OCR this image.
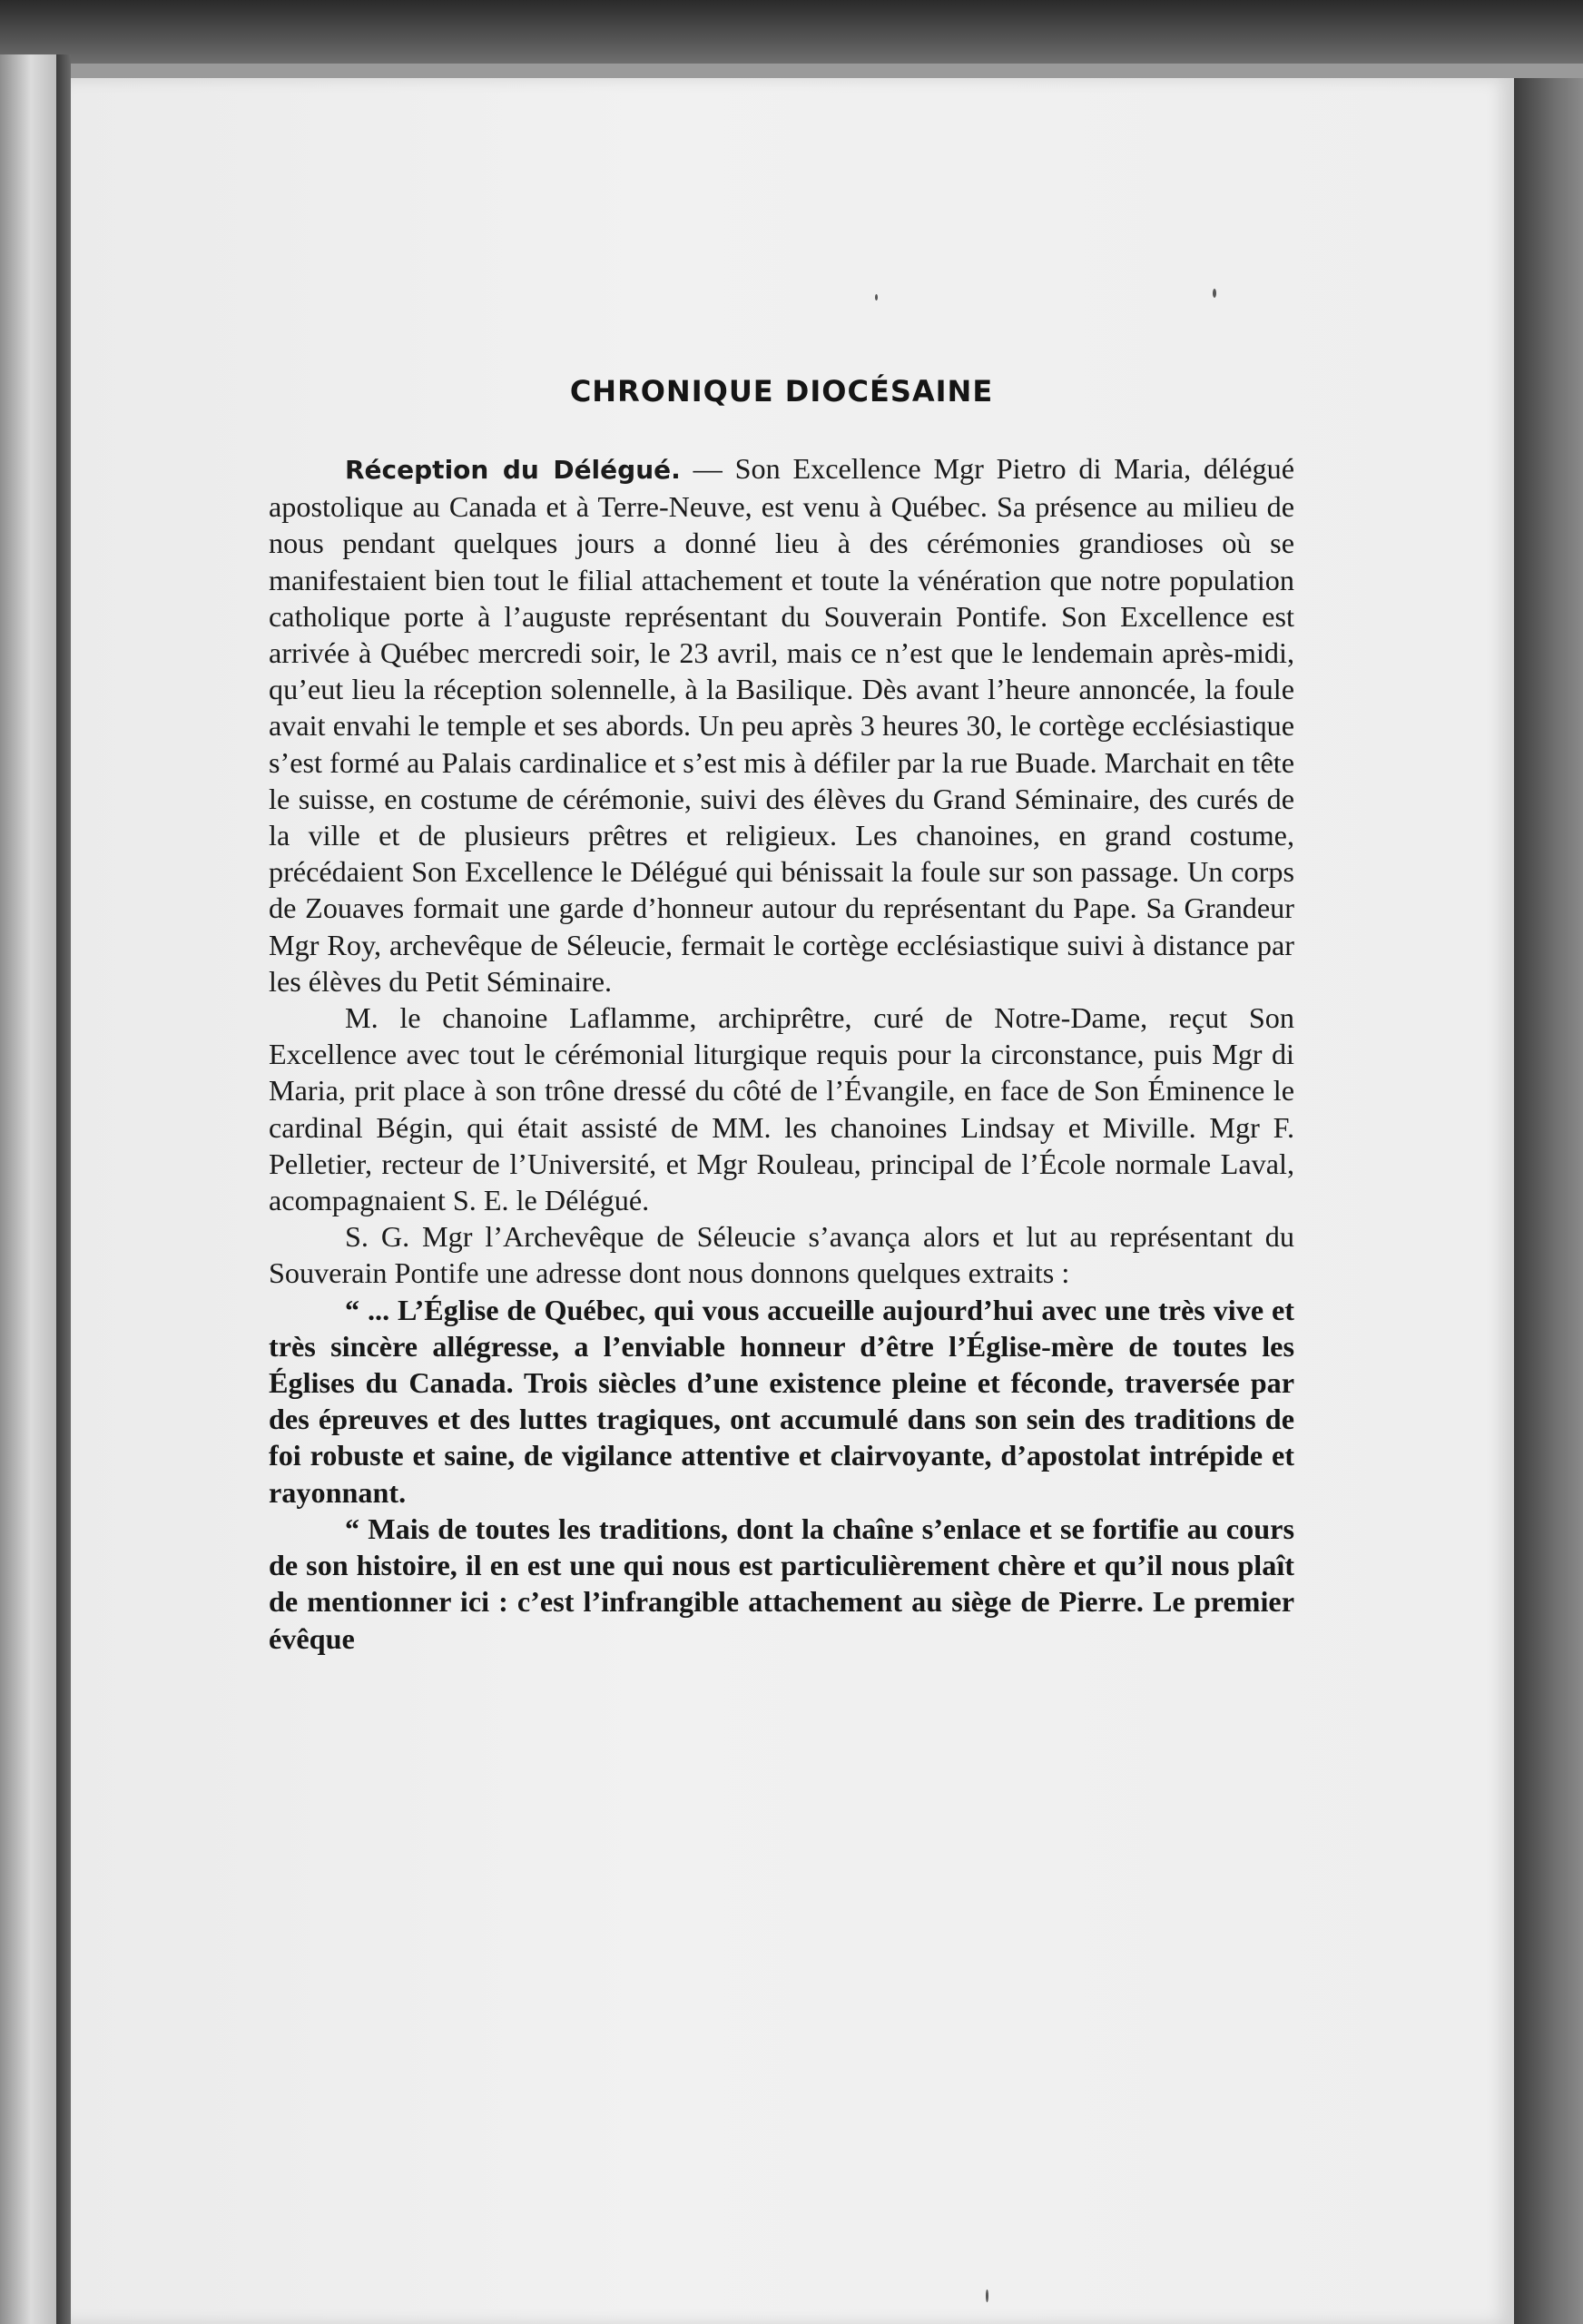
CHRONIQUE DIOCÉSAINE

Réception du Délégué. — Son Excellence Mgr Pietro di Maria, délégué apostolique au Canada et à Terre-Neuve, est venu à Québec. Sa présence au milieu de nous pendant quelques jours a donné lieu à des cérémonies grandioses où se manifestaient bien tout le filial attachement et toute la vénération que notre population catholique porte à l’auguste représentant du Souverain Pontife. Son Excellence est arrivée à Québec mercredi soir, le 23 avril, mais ce n’est que le lendemain après-midi, qu’eut lieu la réception solennelle, à la Basilique. Dès avant l’heure annoncée, la foule avait envahi le temple et ses abords. Un peu après 3 heures 30, le cortège ecclésiastique s’est formé au Palais cardinalice et s’est mis à défiler par la rue Buade. Marchait en tête le suisse, en costume de cérémonie, suivi des élèves du Grand Séminaire, des curés de la ville et de plusieurs prêtres et religieux. Les chanoines, en grand costume, précédaient Son Excellence le Délégué qui bénissait la foule sur son passage. Un corps de Zouaves formait une garde d’honneur autour du représentant du Pape. Sa Grandeur Mgr Roy, archevêque de Séleucie, fermait le cortège ecclésiastique suivi à distance par les élèves du Petit Séminaire.

M. le chanoine Laflamme, archiprêtre, curé de Notre-Dame, reçut Son Excellence avec tout le cérémonial liturgique requis pour la circonstance, puis Mgr di Maria, prit place à son trône dressé du côté de l’Évangile, en face de Son Éminence le cardinal Bégin, qui était assisté de MM. les chanoines Lindsay et Miville. Mgr F. Pelletier, recteur de l’Université, et Mgr Rouleau, principal de l’École normale Laval, acompagnaient S. E. le Délégué.

S. G. Mgr l’Archevêque de Séleucie s’avança alors et lut au représentant du Souverain Pontife une adresse dont nous donnons quelques extraits :

“ ... L’Église de Québec, qui vous accueille aujourd’hui avec une très vive et très sincère allégresse, a l’enviable honneur d’être l’Église-mère de toutes les Églises du Canada. Trois siècles d’une existence pleine et féconde, traversée par des épreuves et des luttes tragiques, ont accumulé dans son sein des traditions de foi robuste et saine, de vigilance attentive et clairvoyante, d’apostolat intrépide et rayonnant.

“ Mais de toutes les traditions, dont la chaîne s’enlace et se fortifie au cours de son histoire, il en est une qui nous est particulièrement chère et qu’il nous plaît de mentionner ici : c’est l’infrangible attachement au siège de Pierre. Le premier évêque
